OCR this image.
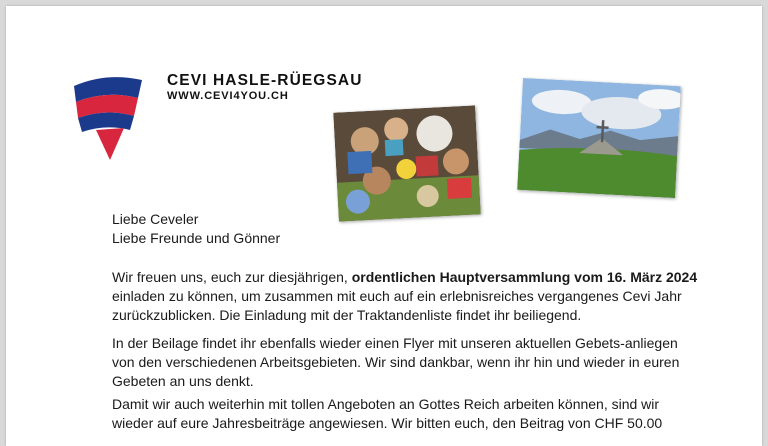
CEVI HASLE-RÜEGSAU
WWW.CEVI4YOU.CH

Liebe Ceveler

Liebe Freunde und Gönner

Wir freuen uns, euch zur diesjährigen, ordentlichen Hauptversammlung vom 16. März 2024 einladen zu können, um zusammen mit euch auf ein erlebnisreiches vergangenes Cevi Jahr zurückzublicken. Die Einladung mit der Traktandenliste findet ihr beiliegend.

In der Beilage findet ihr ebenfalls wieder einen Flyer mit unseren aktuellen Gebets-anliegen von den verschiedenen Arbeitsgebieten. Wir sind dankbar, wenn ihr hin und wieder in euren Gebeten an uns denkt.

Damit wir auch weiterhin mit tollen Angeboten an Gottes Reich arbeiten können, sind wir wieder auf eure Jahresbeiträge angewiesen. Wir bitten euch, den Beitrag von CHF 50.00
